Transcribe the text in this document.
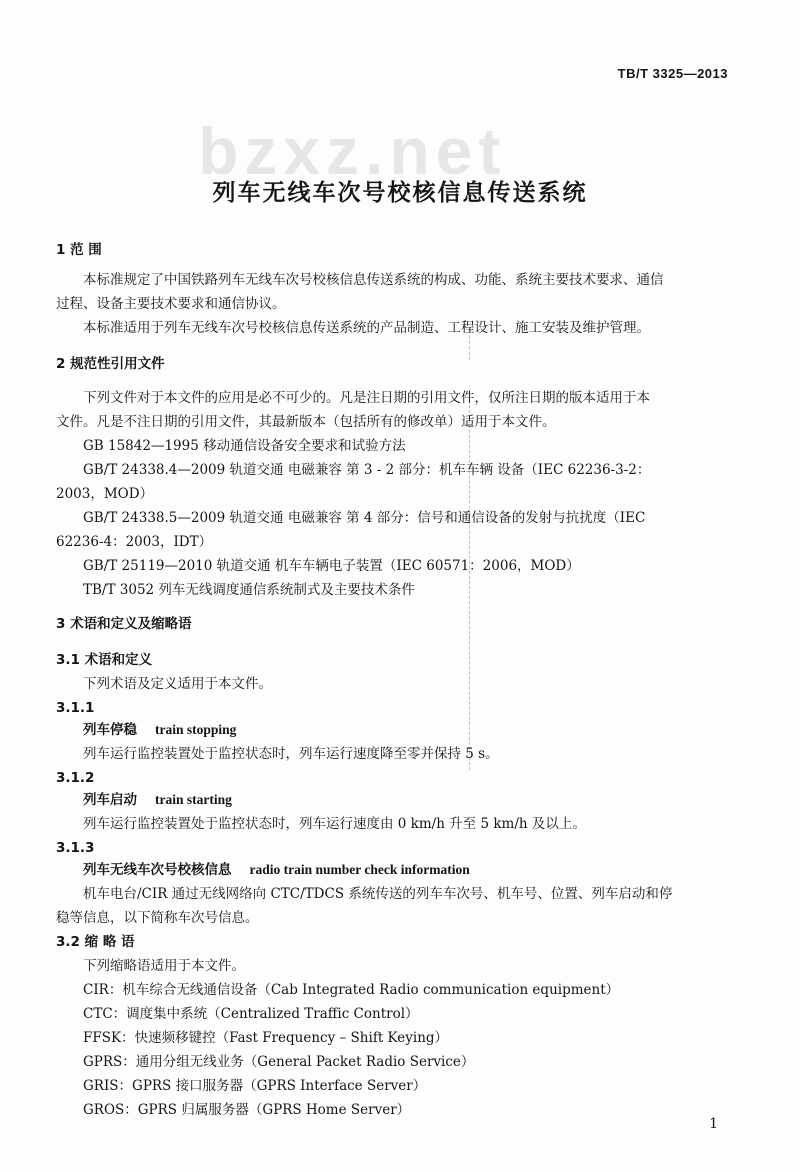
TB/T 3325—2013
bzxz.net
列车无线车次号校核信息传送系统
1 范 围
本标准规定了中国铁路列车无线车次号校核信息传送系统的构成、功能、系统主要技术要求、通信
过程、设备主要技术要求和通信协议。
本标准适用于列车无线车次号校核信息传送系统的产品制造、工程设计、施工安装及维护管理。
2 规范性引用文件
下列文件对于本文件的应用是必不可少的。凡是注日期的引用文件，仅所注日期的版本适用于本
文件。凡是不注日期的引用文件，其最新版本（包括所有的修改单）适用于本文件。
GB 15842—1995 移动通信设备安全要求和试验方法
GB/T 24338.4—2009 轨道交通 电磁兼容 第 3 - 2 部分：机车车辆 设备（IEC 62236-3-2：
2003，MOD）
GB/T 24338.5—2009 轨道交通 电磁兼容 第 4 部分：信号和通信设备的发射与抗扰度（IEC
62236-4：2003，IDT）
GB/T 25119—2010 轨道交通 机车车辆电子装置（IEC 60571：2006，MOD）
TB/T 3052 列车无线调度通信系统制式及主要技术条件
3 术语和定义及缩略语
3.1 术语和定义
下列术语及定义适用于本文件。
3.1.1
列车停稳 train stopping
列车运行监控装置处于监控状态时，列车运行速度降至零并保持 5 s。
3.1.2
列车启动 train starting
列车运行监控装置处于监控状态时，列车运行速度由 0 km/h 升至 5 km/h 及以上。
3.1.3
列车无线车次号校核信息 radio train number check information
机车电台/CIR 通过无线网络向 CTC/TDCS 系统传送的列车车次号、机车号、位置、列车启动和停
稳等信息，以下简称车次号信息。
3.2 缩 略 语
下列缩略语适用于本文件。
CIR：机车综合无线通信设备（Cab Integrated Radio communication equipment）
CTC：调度集中系统（Centralized Traffic Control）
FFSK：快速频移键控（Fast Frequency – Shift Keying）
GPRS：通用分组无线业务（General Packet Radio Service）
GRIS：GPRS 接口服务器（GPRS Interface Server）
GROS：GPRS 归属服务器（GPRS Home Server）
1
